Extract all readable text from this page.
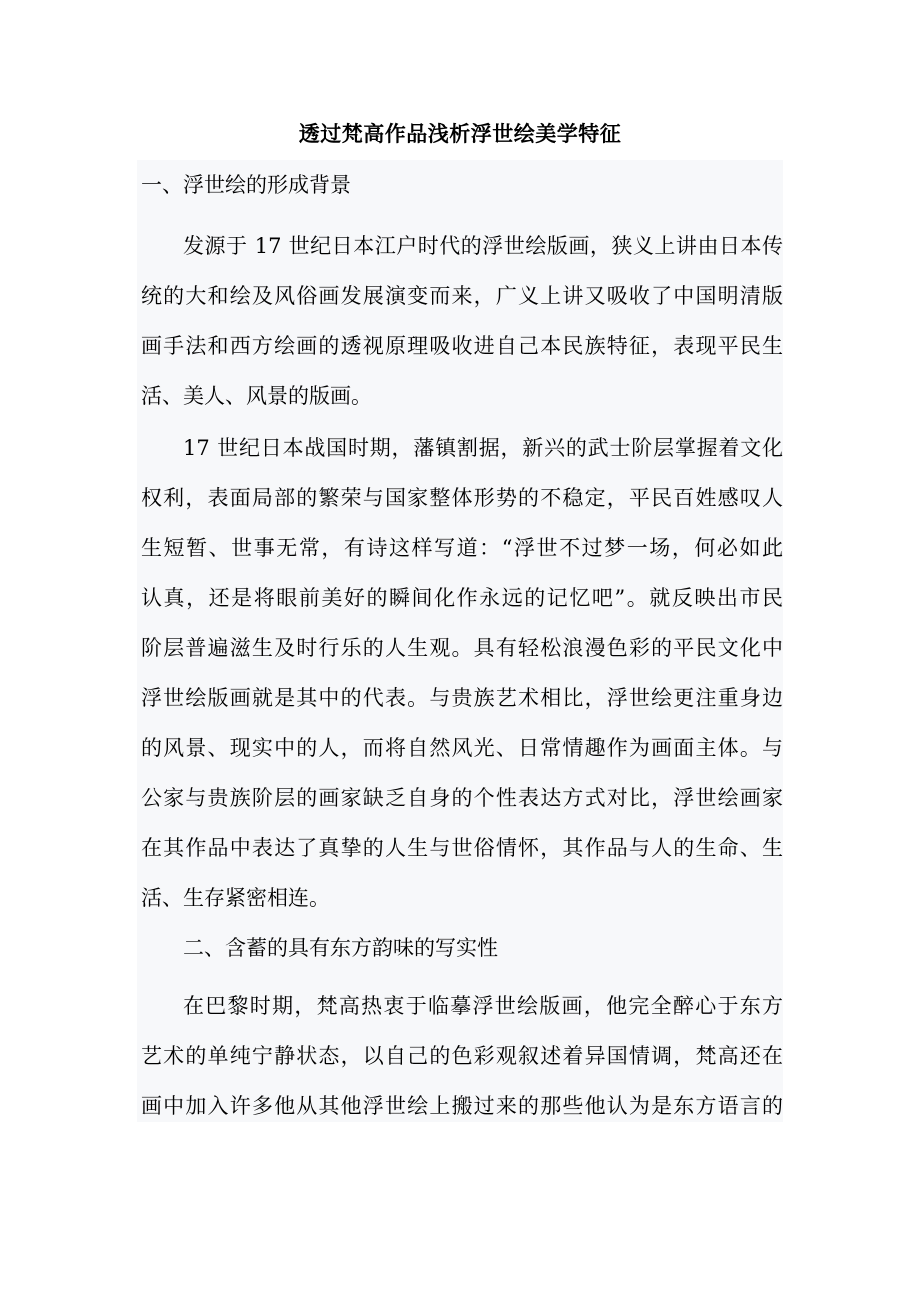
透过梵高作品浅析浮世绘美学特征
一、浮世绘的形成背景
发源于 17 世纪日本江户时代的浮世绘版画，狭义上讲由日本传
统的大和绘及风俗画发展演变而来，广义上讲又吸收了中国明清版
画手法和西方绘画的透视原理吸收进自己本民族特征，表现平民生
活、美人、风景的版画。
17 世纪日本战国时期，藩镇割据，新兴的武士阶层掌握着文化
权利，表面局部的繁荣与国家整体形势的不稳定，平民百姓感叹人
生短暂、世事无常，有诗这样写道：“浮世不过梦一场，何必如此
认真，还是将眼前美好的瞬间化作永远的记忆吧”。就反映出市民
阶层普遍滋生及时行乐的人生观。具有轻松浪漫色彩的平民文化中
浮世绘版画就是其中的代表。与贵族艺术相比，浮世绘更注重身边
的风景、现实中的人，而将自然风光、日常情趣作为画面主体。与
公家与贵族阶层的画家缺乏自身的个性表达方式对比，浮世绘画家
在其作品中表达了真挚的人生与世俗情怀，其作品与人的生命、生
活、生存紧密相连。
二、含蓄的具有东方韵味的写实性
在巴黎时期，梵高热衷于临摹浮世绘版画，他完全醉心于东方
艺术的单纯宁静状态，以自己的色彩观叙述着异国情调，梵高还在
画中加入许多他从其他浮世绘上搬过来的那些他认为是东方语言的
